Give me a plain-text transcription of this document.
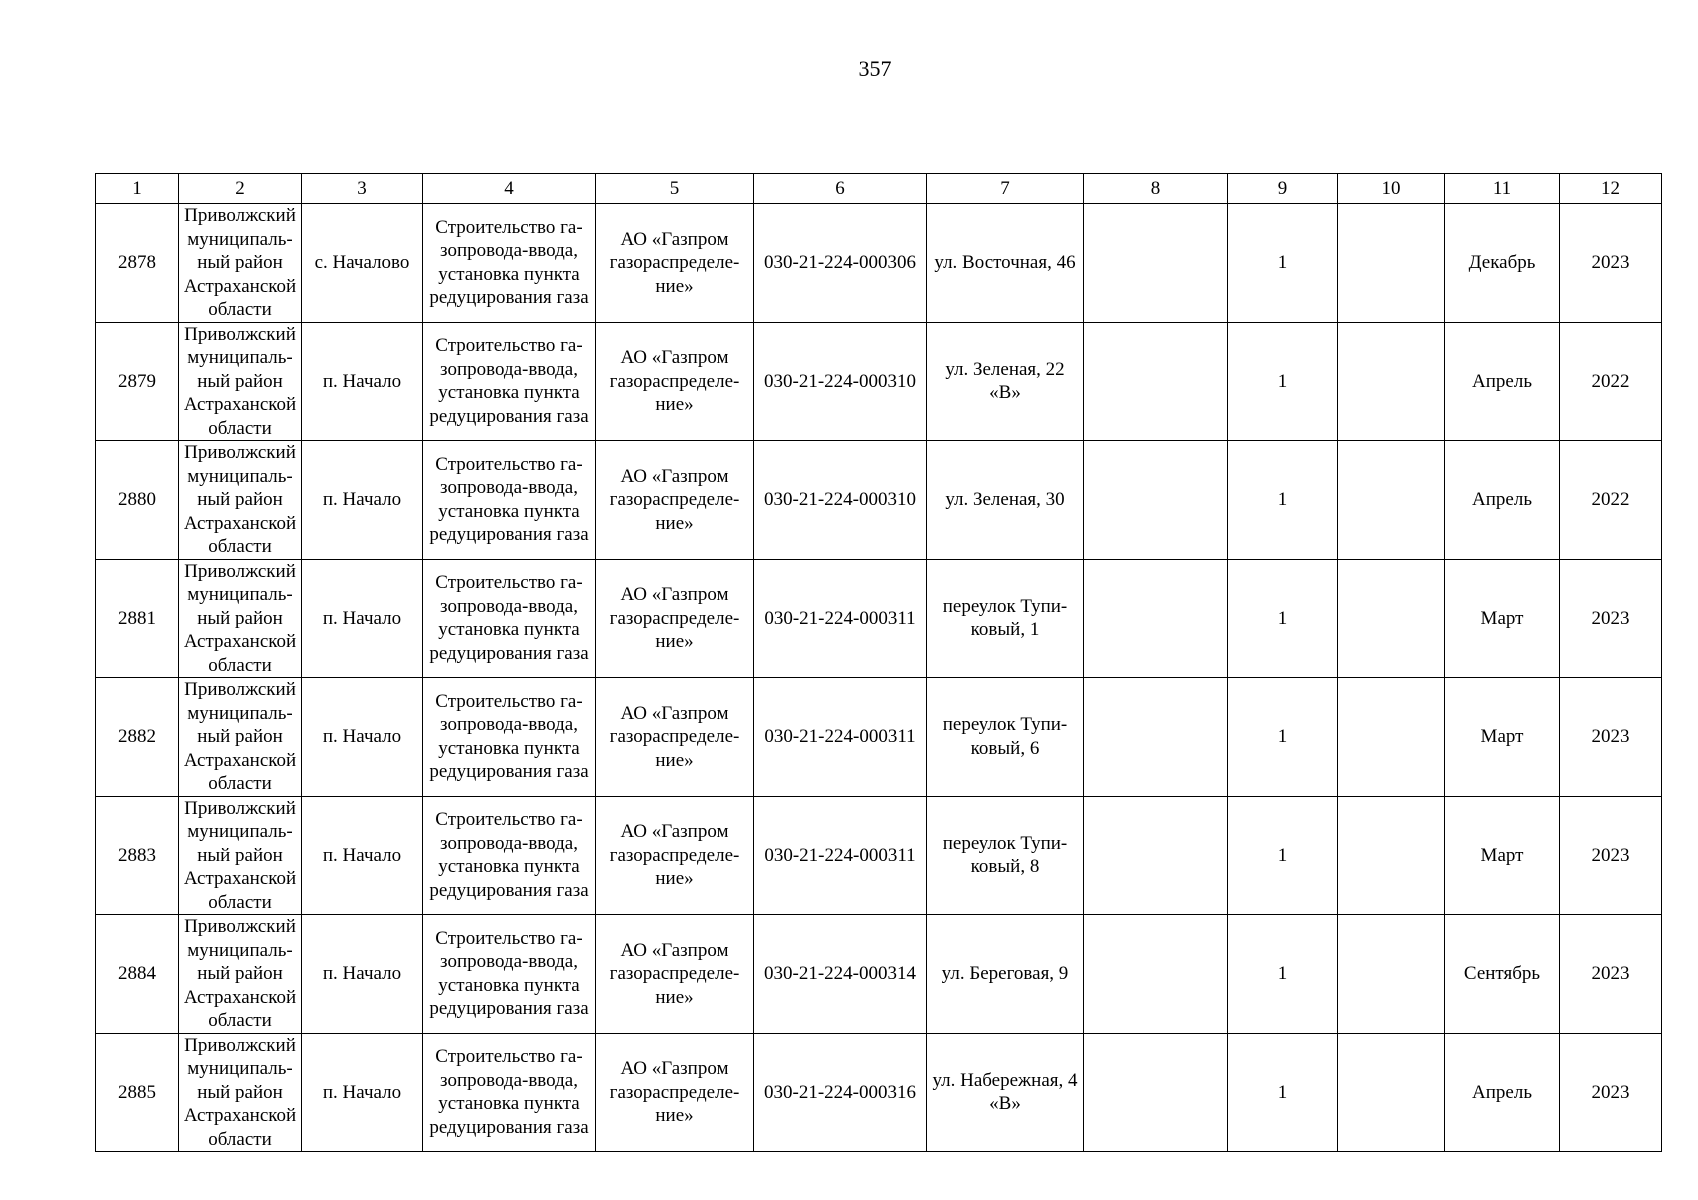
357
1	2	3	4	5	6	7	8	9	10	11	12
2878	Приволжский
муниципаль-
ный район
Астраханской
области	с. Началово	Строительство га-
зопровода-ввода,
установка пункта
редуцирования газа	АО «Газпром
газораспределе-
ние»	030-21-224-000306	ул. Восточная, 46		1		Декабрь	2023
2879	Приволжский
муниципаль-
ный район
Астраханской
области	п. Начало	Строительство га-
зопровода-ввода,
установка пункта
редуцирования газа	АО «Газпром
газораспределе-
ние»	030-21-224-000310	ул. Зеленая, 22
«В»		1		Апрель	2022
2880	Приволжский
муниципаль-
ный район
Астраханской
области	п. Начало	Строительство га-
зопровода-ввода,
установка пункта
редуцирования газа	АО «Газпром
газораспределе-
ние»	030-21-224-000310	ул. Зеленая, 30		1		Апрель	2022
2881	Приволжский
муниципаль-
ный район
Астраханской
области	п. Начало	Строительство га-
зопровода-ввода,
установка пункта
редуцирования газа	АО «Газпром
газораспределе-
ние»	030-21-224-000311	переулок Тупи-
ковый, 1		1		Март	2023
2882	Приволжский
муниципаль-
ный район
Астраханской
области	п. Начало	Строительство га-
зопровода-ввода,
установка пункта
редуцирования газа	АО «Газпром
газораспределе-
ние»	030-21-224-000311	переулок Тупи-
ковый, 6		1		Март	2023
2883	Приволжский
муниципаль-
ный район
Астраханской
области	п. Начало	Строительство га-
зопровода-ввода,
установка пункта
редуцирования газа	АО «Газпром
газораспределе-
ние»	030-21-224-000311	переулок Тупи-
ковый, 8		1		Март	2023
2884	Приволжский
муниципаль-
ный район
Астраханской
области	п. Начало	Строительство га-
зопровода-ввода,
установка пункта
редуцирования газа	АО «Газпром
газораспределе-
ние»	030-21-224-000314	ул. Береговая, 9		1		Сентябрь	2023
2885	Приволжский
муниципаль-
ный район
Астраханской
области	п. Начало	Строительство га-
зопровода-ввода,
установка пункта
редуцирования газа	АО «Газпром
газораспределе-
ние»	030-21-224-000316	ул. Набережная, 4
«В»		1		Апрель	2023
